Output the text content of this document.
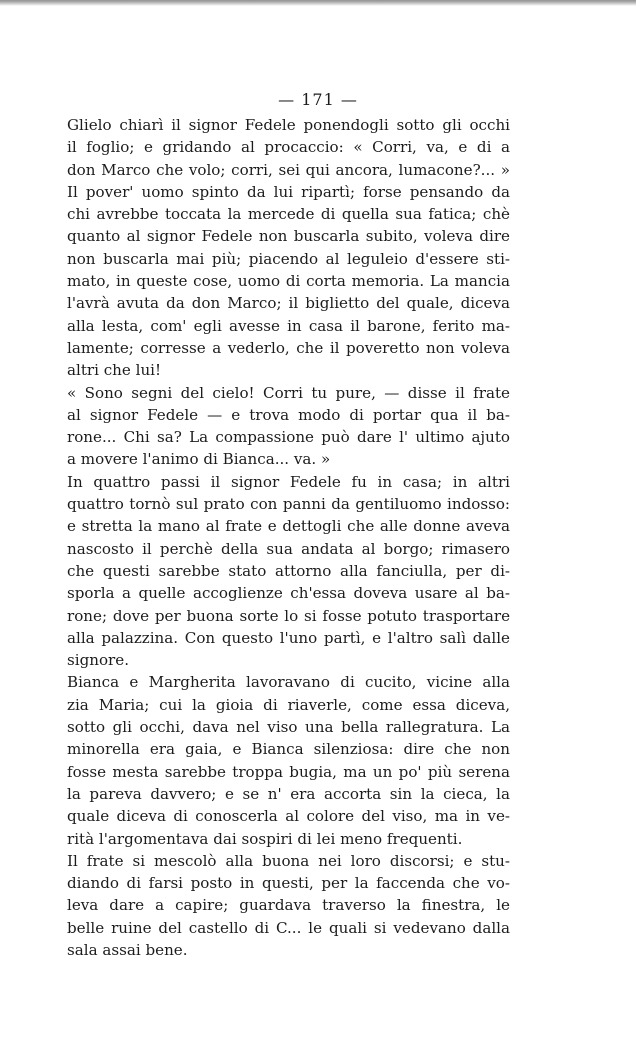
— 171 —
Glielo chiarì il signor Fedele ponendogli sotto gli occhi
il foglio; e gridando al procaccio: « Corri, va, e di a
don Marco che volo; corri, sei qui ancora, lumacone?... »
Il pover' uomo spinto da lui ripartì; forse pensando da
chi avrebbe toccata la mercede di quella sua fatica; chè
quanto al signor Fedele non buscarla subito, voleva dire
non buscarla mai più; piacendo al leguleio d'essere sti-
mato, in queste cose, uomo di corta memoria. La mancia
l'avrà avuta da don Marco; il biglietto del quale, diceva
alla lesta, com' egli avesse in casa il barone, ferito ma-
lamente; corresse a vederlo, che il poveretto non voleva
altri che lui!
« Sono segni del cielo! Corri tu pure, — disse il frate
al signor Fedele — e trova modo di portar qua il ba-
rone... Chi sa? La compassione può dare l' ultimo ajuto
a movere l'animo di Bianca... va. »
In quattro passi il signor Fedele fu in casa; in altri
quattro tornò sul prato con panni da gentiluomo indosso:
e stretta la mano al frate e dettogli che alle donne aveva
nascosto il perchè della sua andata al borgo; rimasero
che questi sarebbe stato attorno alla fanciulla, per di-
sporla a quelle accoglienze ch'essa doveva usare al ba-
rone; dove per buona sorte lo si fosse potuto trasportare
alla palazzina. Con questo l'uno partì, e l'altro salì dalle
signore.
Bianca e Margherita lavoravano di cucito, vicine alla
zia Maria; cui la gioia di riaverle, come essa diceva,
sotto gli occhi, dava nel viso una bella rallegratura. La
minorella era gaia, e Bianca silenziosa: dire che non
fosse mesta sarebbe troppa bugia, ma un po' più serena
la pareva davvero; e se n' era accorta sin la cieca, la
quale diceva di conoscerla al colore del viso, ma in ve-
rità l'argomentava dai sospiri di lei meno frequenti.
Il frate si mescolò alla buona nei loro discorsi; e stu-
diando di farsi posto in questi, per la faccenda che vo-
leva dare a capire; guardava traverso la finestra, le
belle ruine del castello di C... le quali si vedevano dalla
sala assai bene.
